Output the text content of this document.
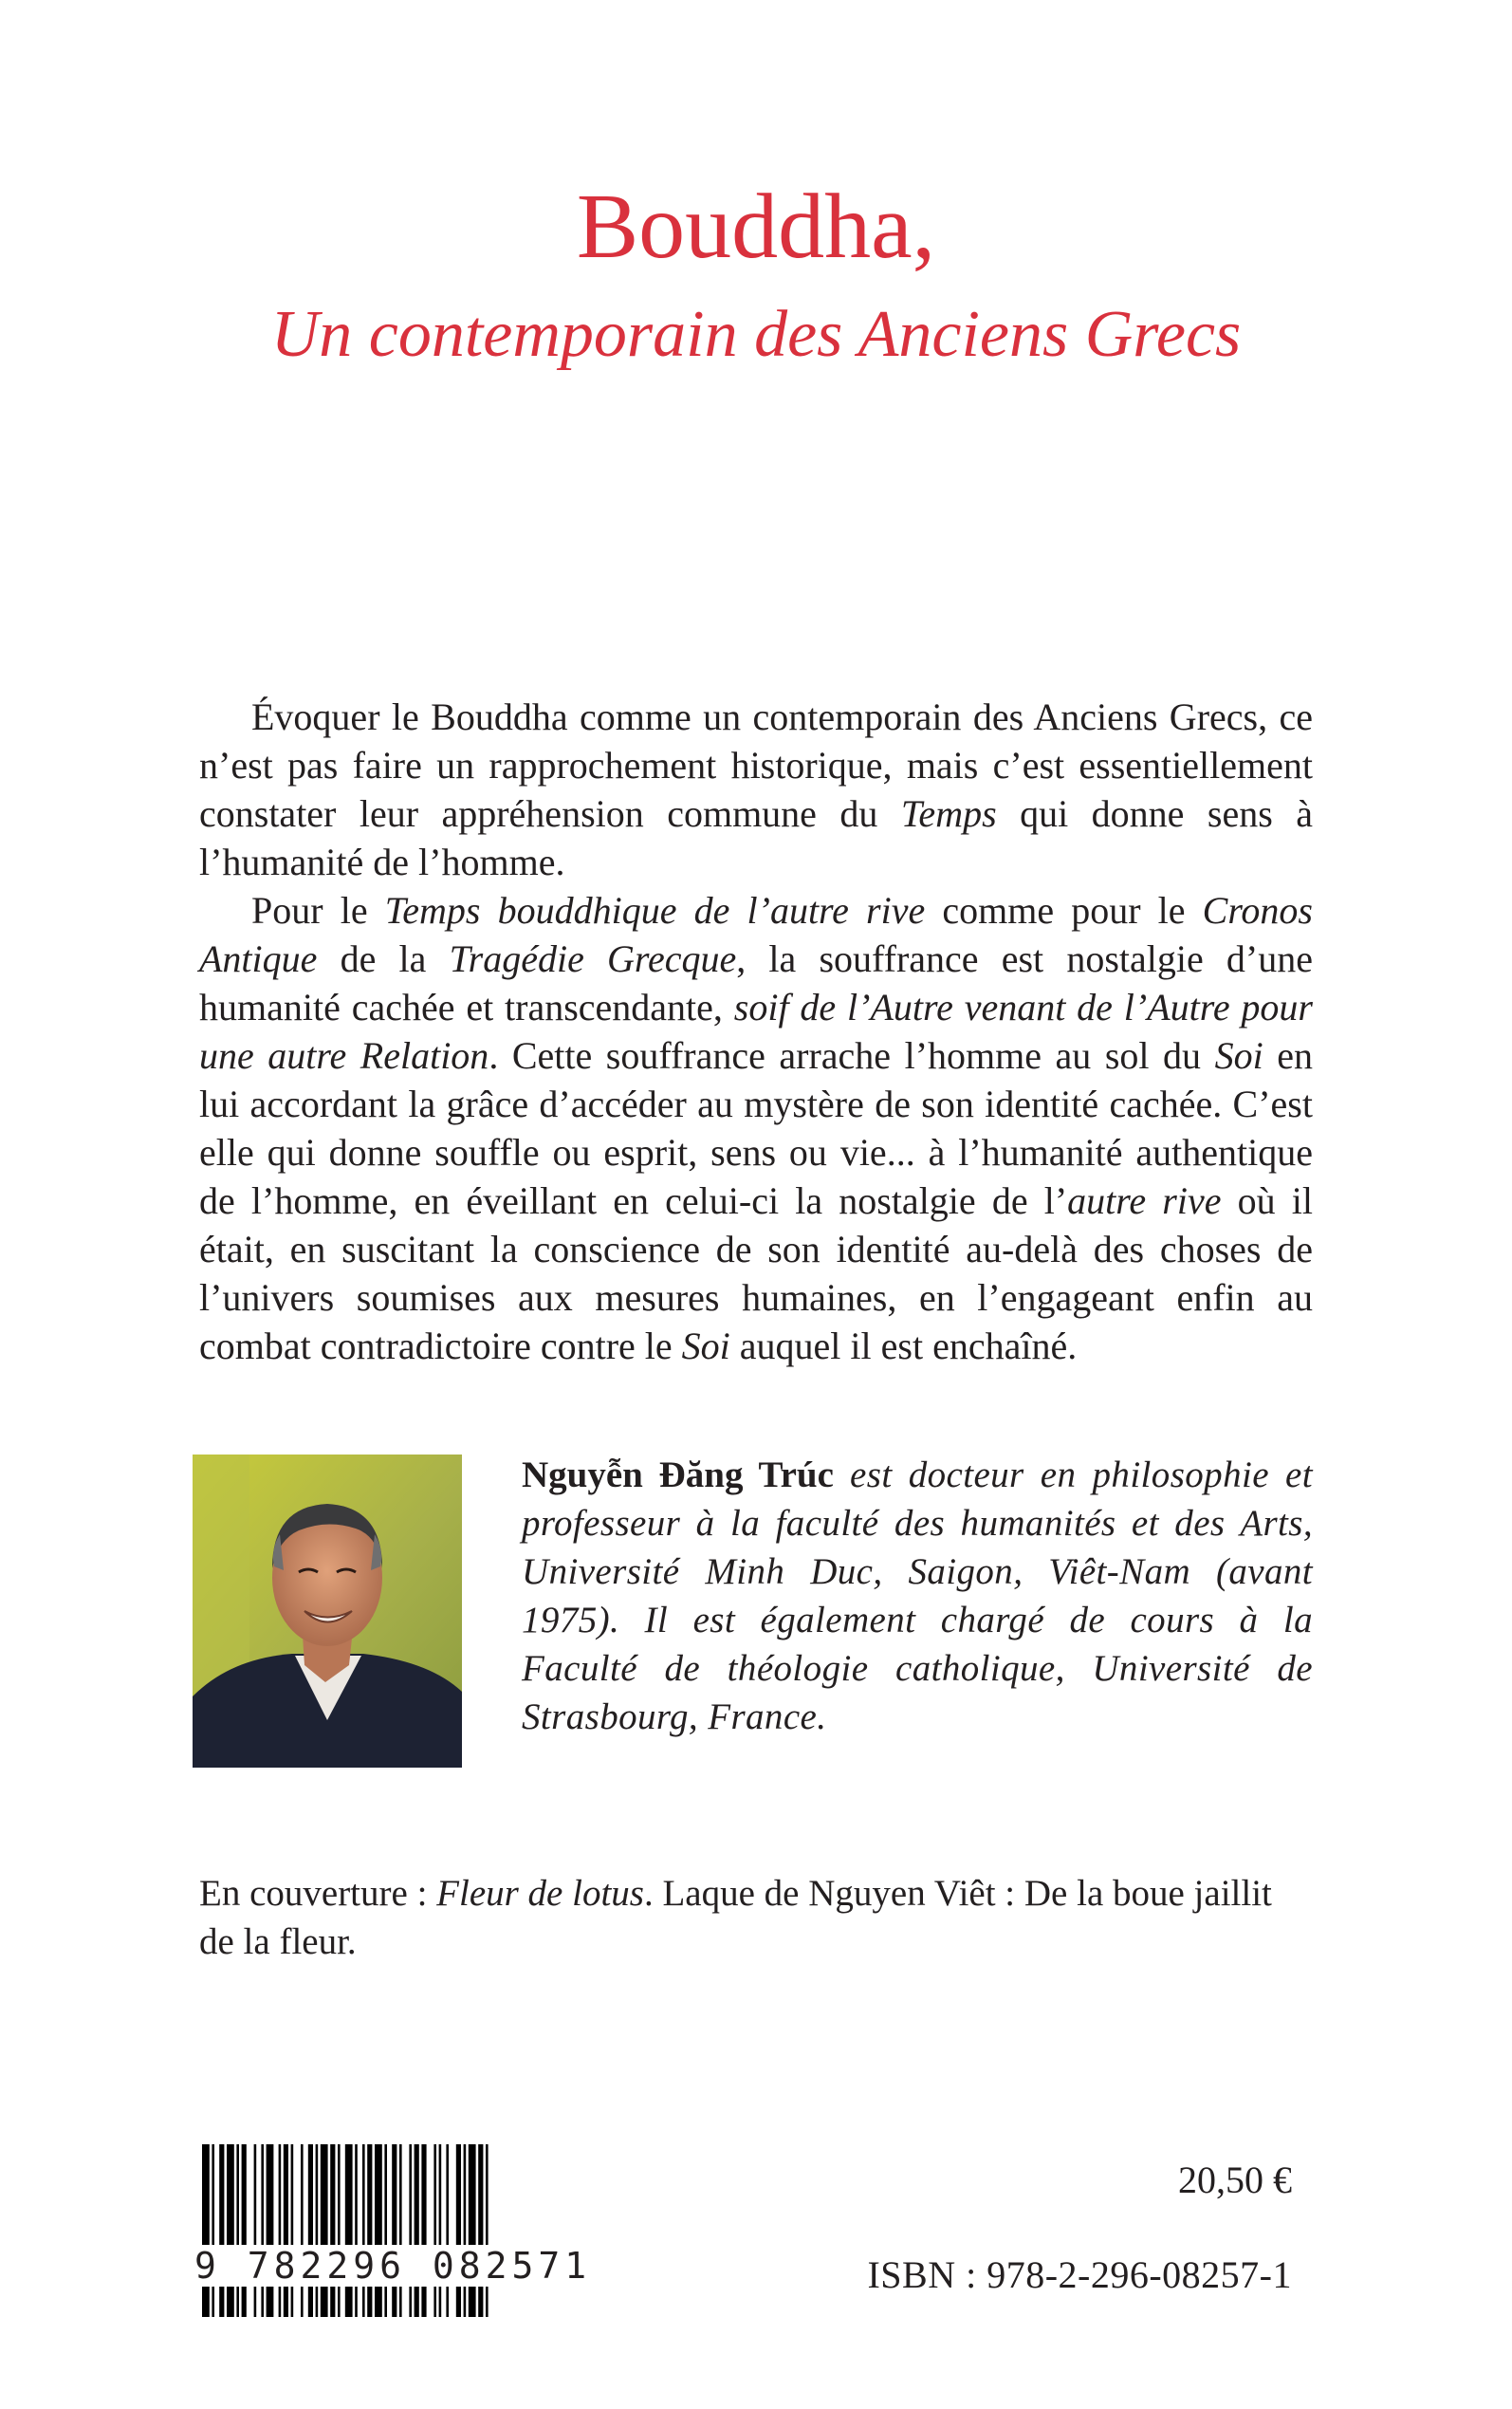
Bouddha,
Un contemporain des Anciens Grecs

Évoquer le Bouddha comme un contemporain des Anciens Grecs, ce n’est pas faire un rapprochement historique, mais c’est essentiellement constater leur appréhension commune du Temps qui donne sens à l’humanité de l’homme.

Pour le Temps bouddhique de l’autre rive comme pour le Cronos Antique de la Tragédie Grecque, la souffrance est nostalgie d’une humanité cachée et transcendante, soif de l’Autre venant de l’Autre pour une autre Relation. Cette souffrance arrache l’homme au sol du Soi en lui accordant la grâce d’accéder au mystère de son identité cachée. C’est elle qui donne souffle ou esprit, sens ou vie... à l’humanité authentique de l’homme, en éveillant en celui-ci la nostalgie de l’autre rive où il était, en suscitant la conscience de son identité au-delà des choses de l’univers soumises aux mesures humaines, en l’engageant enfin au combat contradictoire contre le Soi auquel il est enchaîné.

Nguyễn Đăng Trúc est docteur en philosophie et professeur à la faculté des humanités et des Arts, Université Minh Duc, Saigon, Viêt-Nam (avant 1975). Il est également chargé de cours à la Faculté de théologie catholique, Université de Strasbourg, France.
En couverture : Fleur de lotus. Laque de Nguyen Viêt : De la boue jaillit de la fleur.
9 782296 082571
20,50 €
ISBN : 978-2-296-08257-1
